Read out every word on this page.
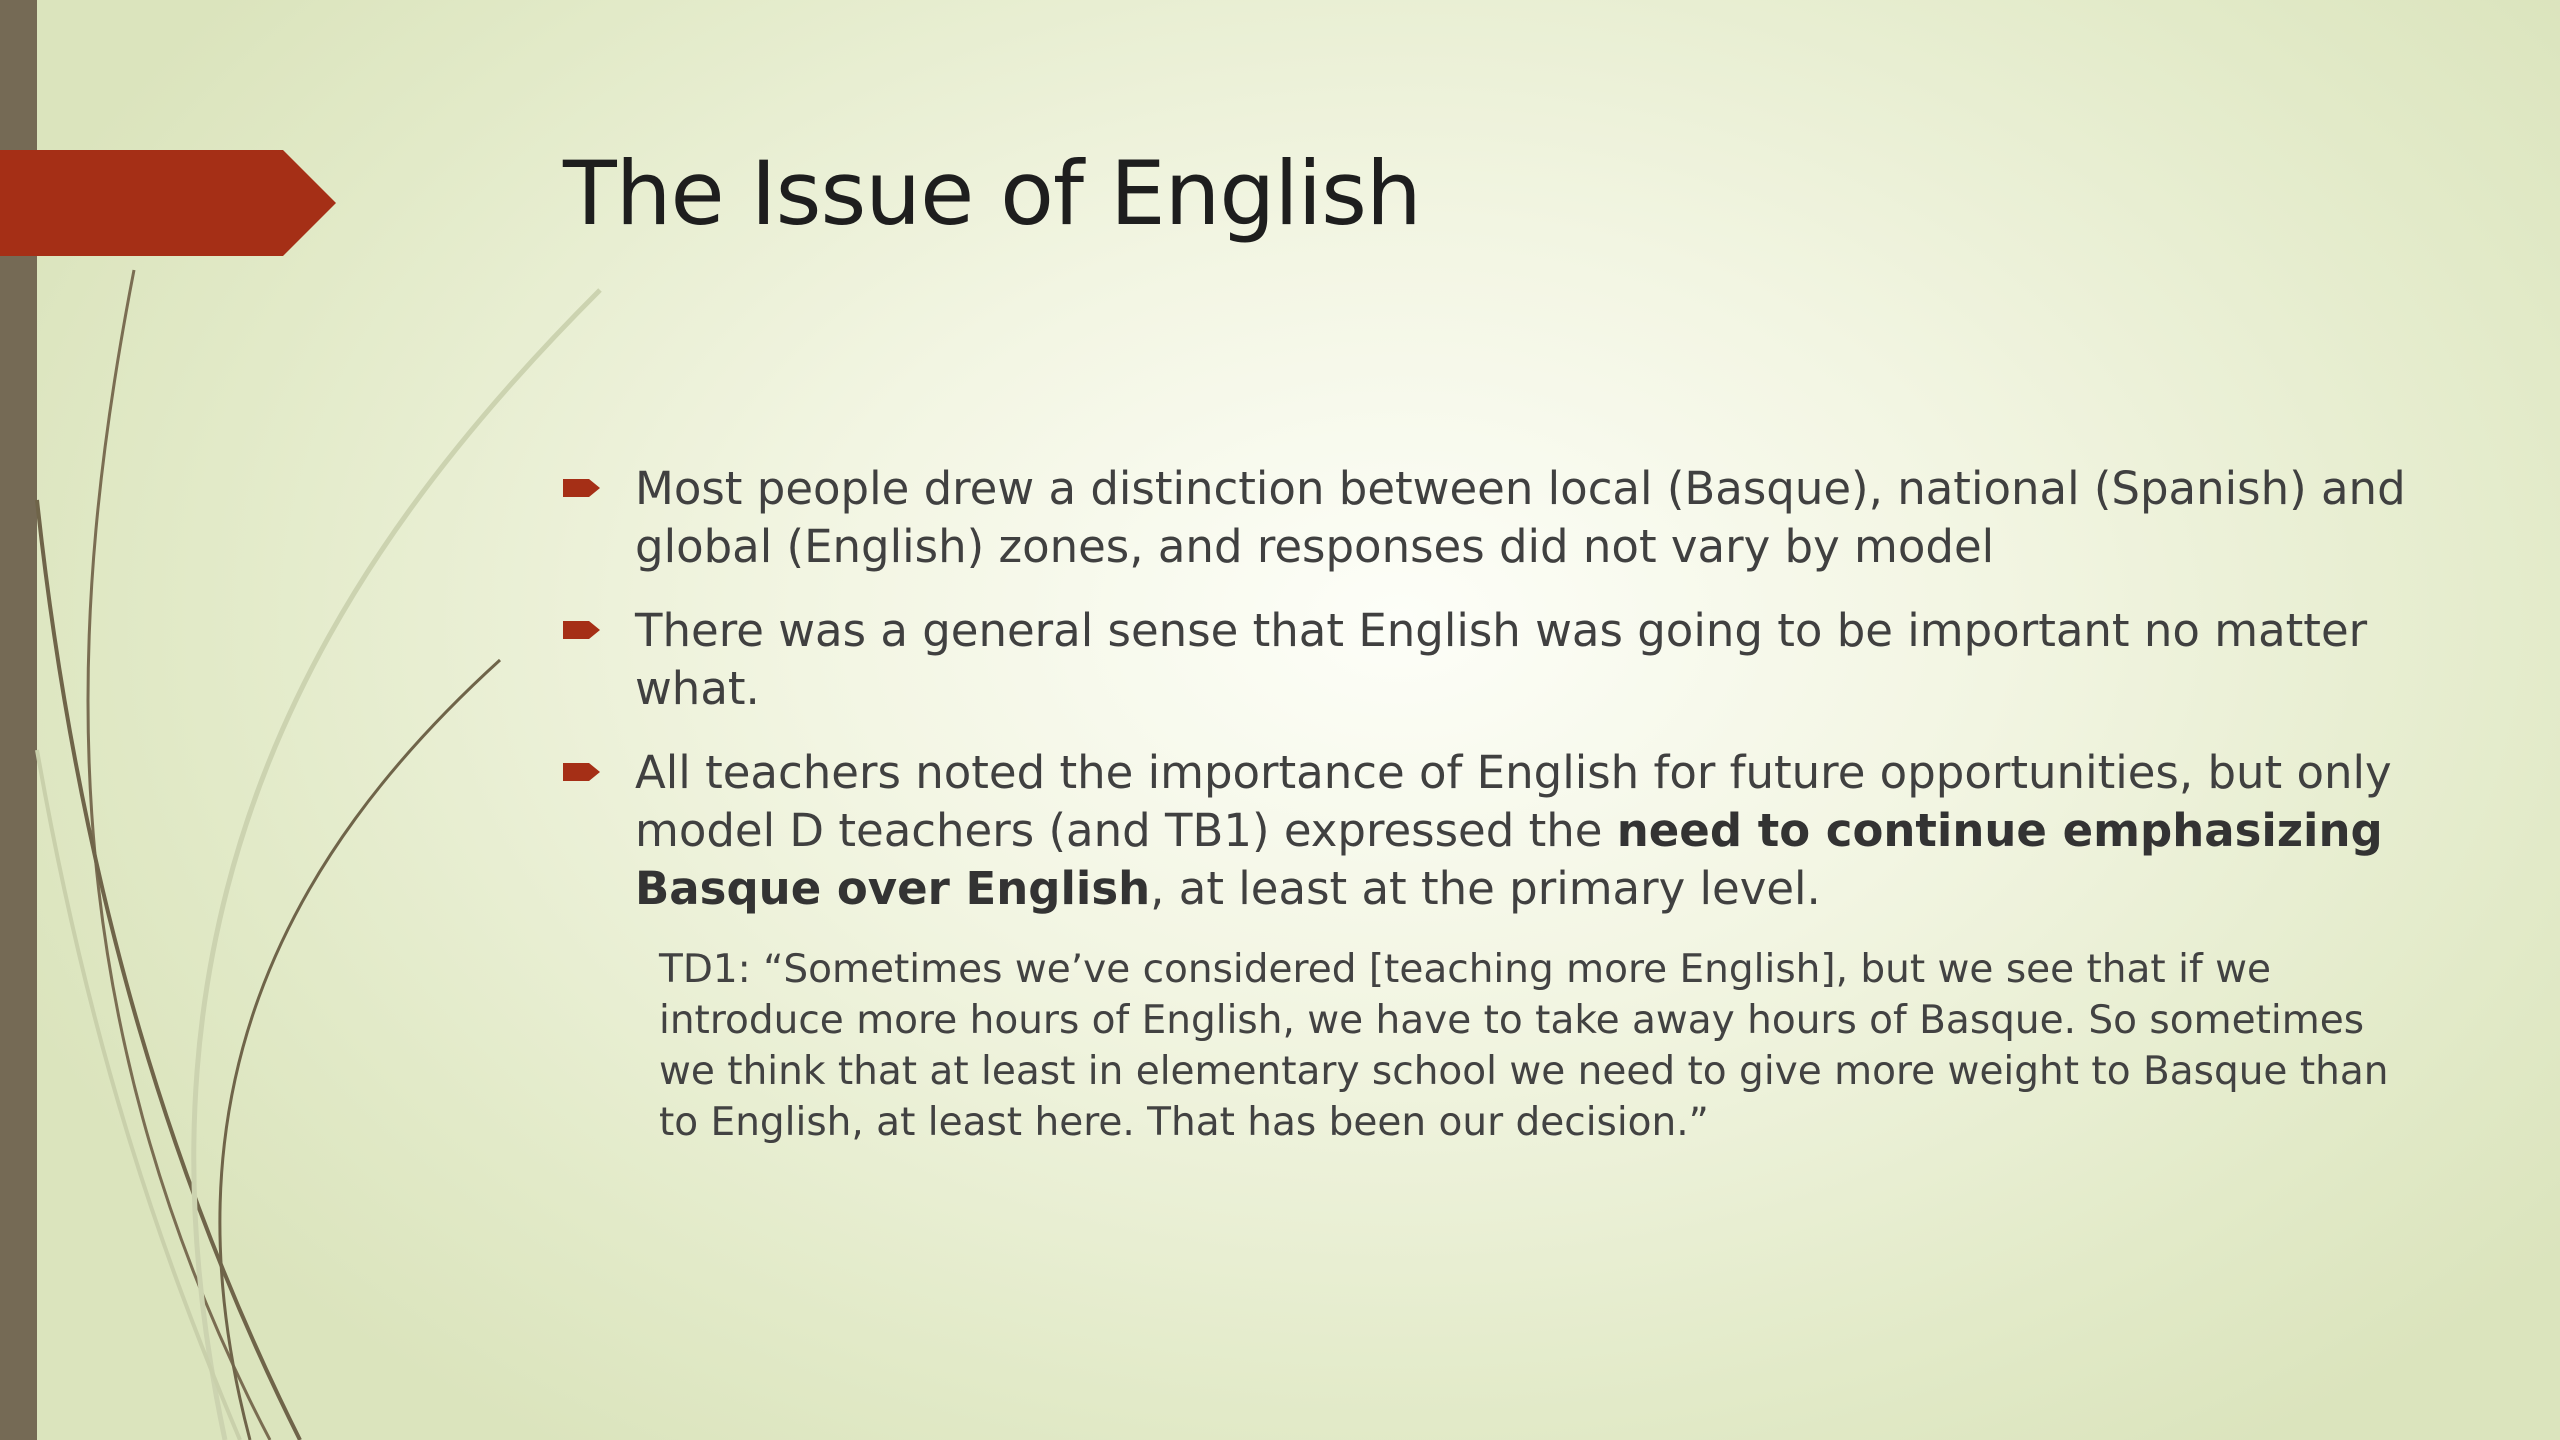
The Issue of English
Most people drew a distinction between local (Basque), national (Spanish) and global (English) zones, and responses did not vary by model
There was a general sense that English was going to be important no matter what.
All teachers noted the importance of English for future opportunities, but only model D teachers (and TB1) expressed the need to continue emphasizing Basque over English, at least at the primary level.
TD1: “Sometimes we’ve considered [teaching more English], but we see that if we introduce more hours of English, we have to take away hours of Basque. So sometimes we think that at least in elementary school we need to give more weight to Basque than to English, at least here. That has been our decision.”
